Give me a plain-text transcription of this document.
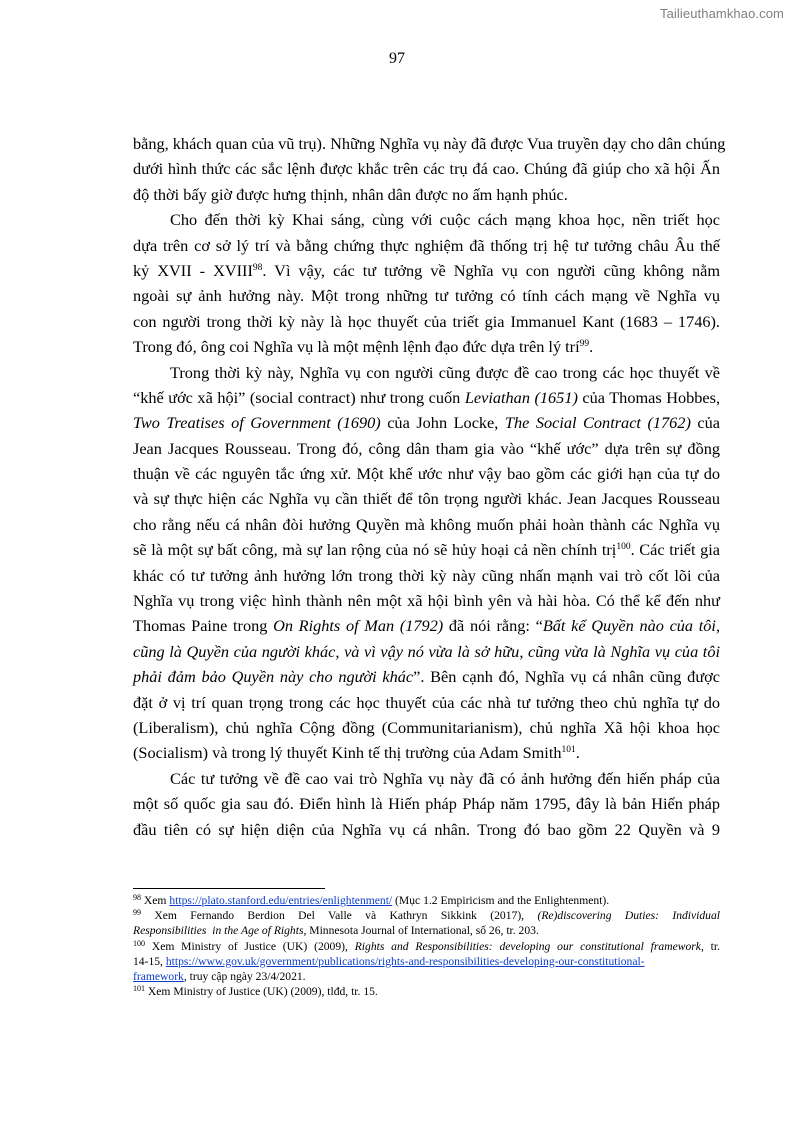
Tailieuthamkhao.com
97
bằng, khách quan của vũ trụ). Những Nghĩa vụ này đã được Vua truyền dạy cho dân chúng
dưới hình thức các sắc lệnh được khắc trên các trụ đá cao. Chúng đã giúp cho xã hội Ấn
độ thời bấy giờ được hưng thịnh, nhân dân được no ấm hạnh phúc.
Cho đến thời kỳ Khai sáng, cùng với cuộc cách mạng khoa học, nền triết học
dựa trên cơ sở lý trí và bằng chứng thực nghiệm đã thống trị hệ tư tưởng châu Âu thế
kỷ XVII - XVIII$^{98}$. Vì vậy, các tư tưởng về Nghĩa vụ con người cũng không nằm
ngoài sự ảnh hưởng này. Một trong những tư tưởng có tính cách mạng về Nghĩa vụ
con người trong thời kỳ này là học thuyết của triết gia Immanuel Kant (1683 – 1746).
Trong đó, ông coi Nghĩa vụ là một mệnh lệnh đạo đức dựa trên lý trí$^{99}$.
Trong thời kỳ này, Nghĩa vụ con người cũng được đề cao trong các học thuyết về
“khế ước xã hội” (social contract) như trong cuốn Leviathan (1651) của Thomas Hobbes,
Two Treatises of Government (1690) của John Locke, The Social Contract (1762) của
Jean Jacques Rousseau. Trong đó, công dân tham gia vào “khế ước” dựa trên sự đồng
thuận về các nguyên tắc ứng xử. Một khế ước như vậy bao gồm các giới hạn của tự do
và sự thực hiện các Nghĩa vụ cần thiết để tôn trọng người khác. Jean Jacques Rousseau
cho rằng nếu cá nhân đòi hưởng Quyền mà không muốn phải hoàn thành các Nghĩa vụ
sẽ là một sự bất công, mà sự lan rộng của nó sẽ hủy hoại cả nền chính trị$^{100}$. Các triết gia
khác có tư tưởng ảnh hưởng lớn trong thời kỳ này cũng nhấn mạnh vai trò cốt lõi của
Nghĩa vụ trong việc hình thành nên một xã hội bình yên và hài hòa. Có thể kể đến như
Thomas Paine trong On Rights of Man (1792) đã nói rằng: “Bất kể Quyền nào của tôi,
cũng là Quyền của người khác, và vì vậy nó vừa là sở hữu, cũng vừa là Nghĩa vụ của tôi
phải đảm bảo Quyền này cho người khác”. Bên cạnh đó, Nghĩa vụ cá nhân cũng được
đặt ở vị trí quan trọng trong các học thuyết của các nhà tư tưởng theo chủ nghĩa tự do
(Liberalism), chủ nghĩa Cộng đồng (Communitarianism), chủ nghĩa Xã hội khoa học
(Socialism) và trong lý thuyết Kinh tế thị trường của Adam Smith$^{101}$.
Các tư tưởng về đề cao vai trò Nghĩa vụ này đã có ảnh hưởng đến hiến pháp của
một số quốc gia sau đó. Điển hình là Hiến pháp Pháp năm 1795, đây là bản Hiến pháp
đầu tiên có sự hiện diện của Nghĩa vụ cá nhân. Trong đó bao gồm 22 Quyền và 9
$^{98}$ Xem https://plato.stanford.edu/entries/enlightenment/ (Mục 1.2 Empiricism and the Enlightenment).
$^{99}$ Xem Fernando Berdion Del Valle và Kathryn Sikkink (2017), (Re)discovering Duties: Individual
Responsibilities  in the Age of Rights, Minnesota Journal of International, số 26, tr. 203.
$^{100}$ Xem Ministry of Justice (UK) (2009), Rights and Responsibilities: developing our constitutional framework, tr.
14-15, https://www.gov.uk/government/publications/rights-and-responsibilities-developing-our-constitutional-
framework, truy cập ngày 23/4/2021.
$^{101}$ Xem Ministry of Justice (UK) (2009), tlđd, tr. 15.
